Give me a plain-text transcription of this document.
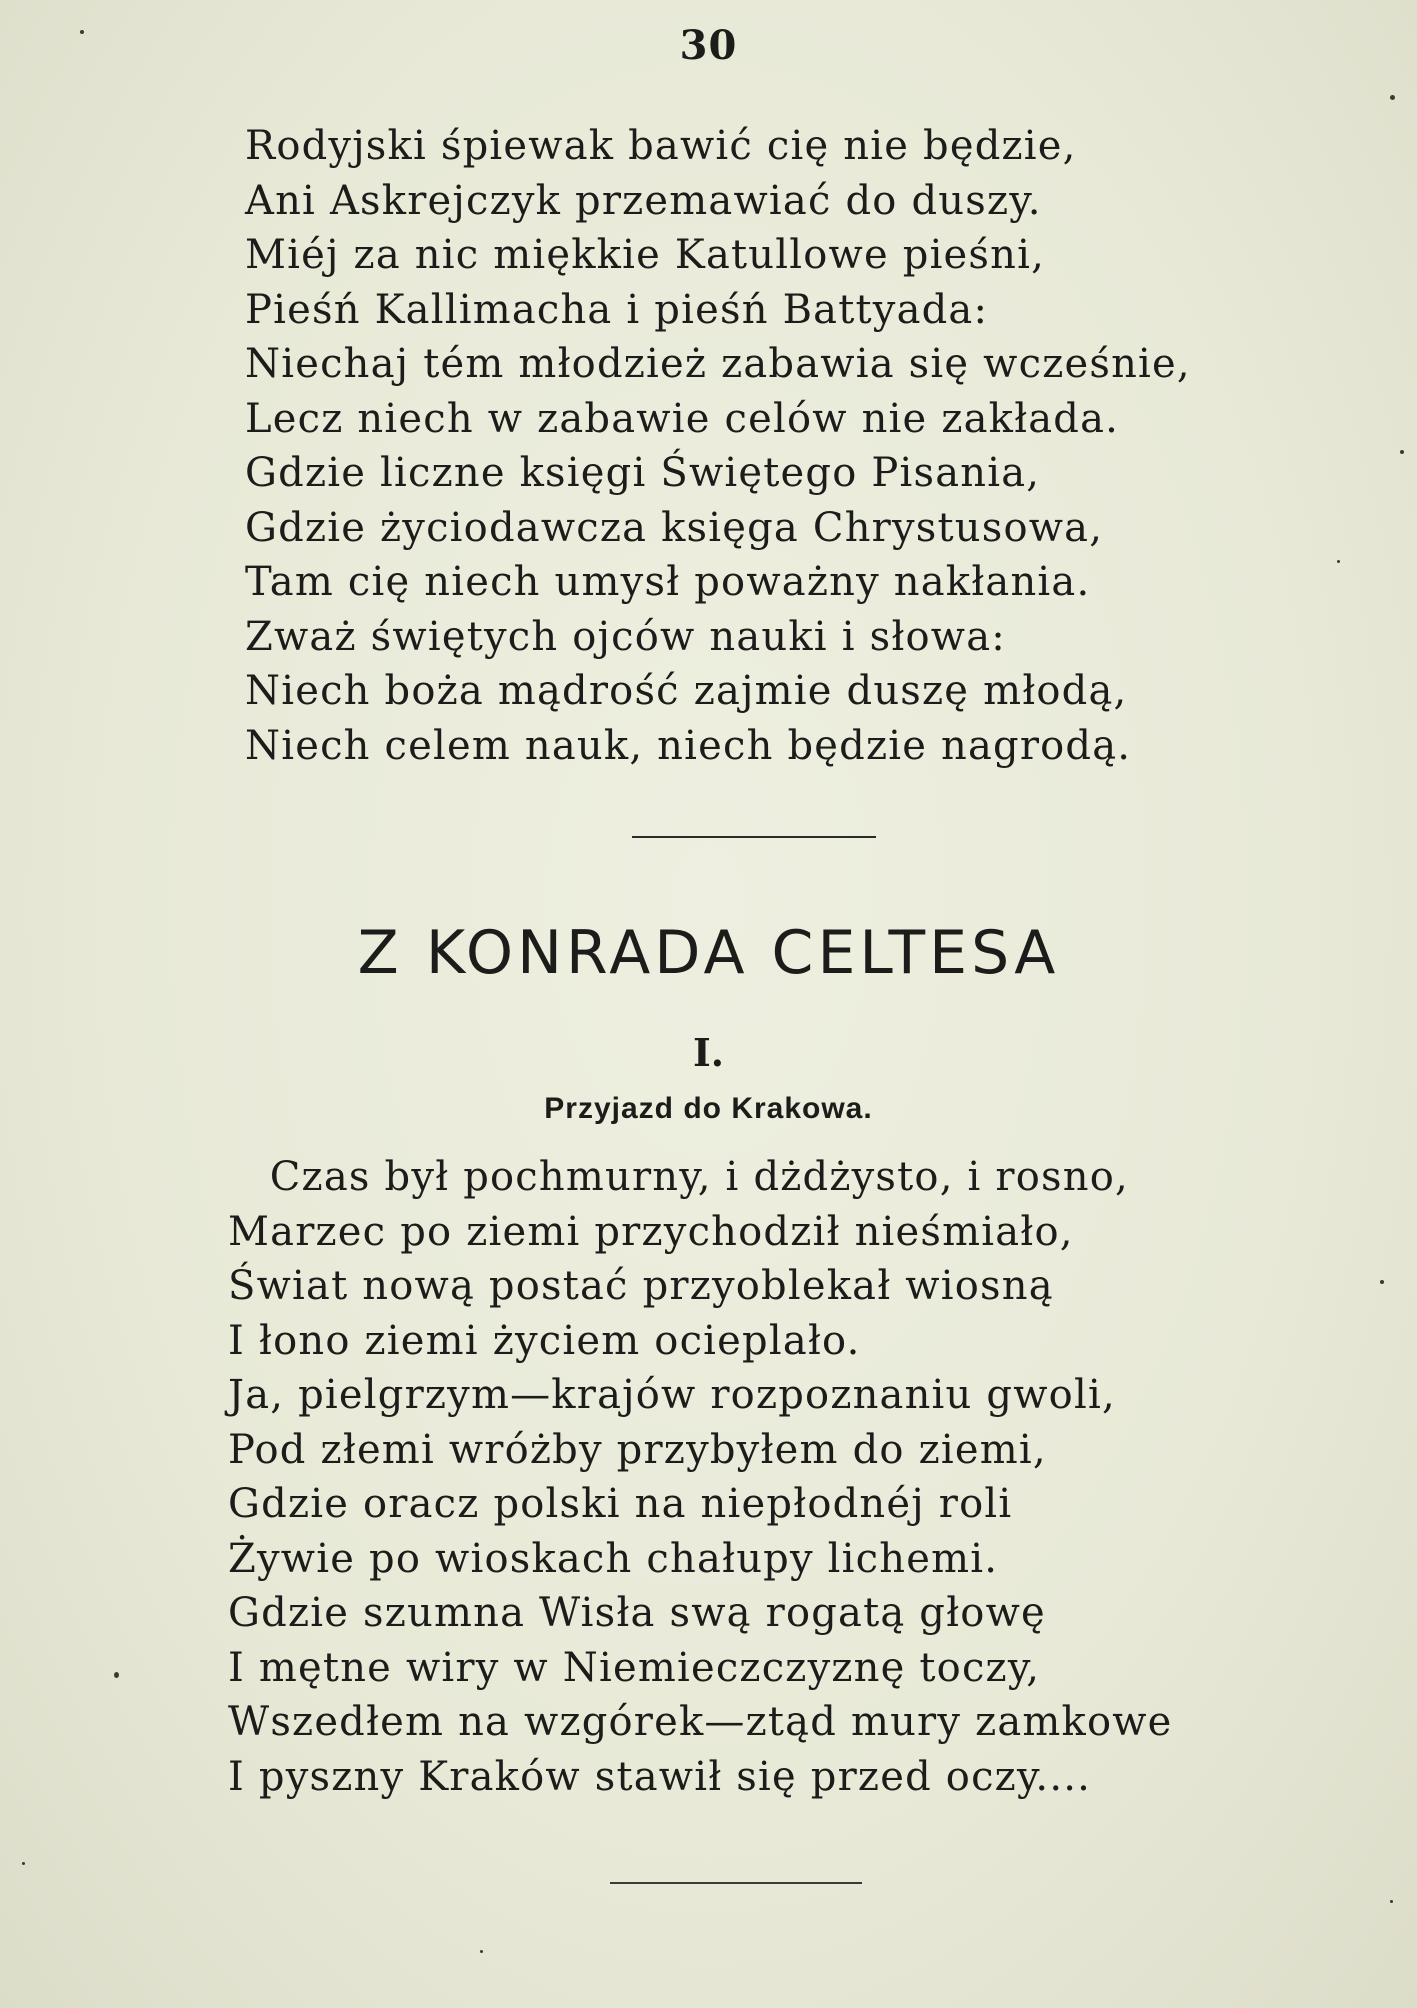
30
Rodyjski śpiewak bawić cię nie będzie,
Ani Askrejczyk przemawiać do duszy.
Miéj za nic miękkie Katullowe pieśni,
Pieśń Kallimacha i pieśń Battyada:
Niechaj tém młodzież zabawia się wcześnie,
Lecz niech w zabawie celów nie zakłada.
Gdzie liczne księgi Świętego Pisania,
Gdzie życiodawcza księga Chrystusowa,
Tam cię niech umysł poważny nakłania.
Zważ świętych ojców nauki i słowa:
Niech boża mądrość zajmie duszę młodą,
Niech celem nauk, niech będzie nagrodą.
Z KONRADA CELTESA
I.
Przyjazd do Krakowa.
Czas był pochmurny, i dżdżysto, i rosno,
Marzec po ziemi przychodził nieśmiało,
Świat nową postać przyoblekał wiosną
I łono ziemi życiem ocieplało.
Ja, pielgrzym—krajów rozpoznaniu gwoli,
Pod złemi wróżby przybyłem do ziemi,
Gdzie oracz polski na niepłodnéj roli
Żywie po wioskach chałupy lichemi.
Gdzie szumna Wisła swą rogatą głowę
I mętne wiry w Niemieczczyznę toczy,
Wszedłem na wzgórek—ztąd mury zamkowe
I pyszny Kraków stawił się przed oczy....
